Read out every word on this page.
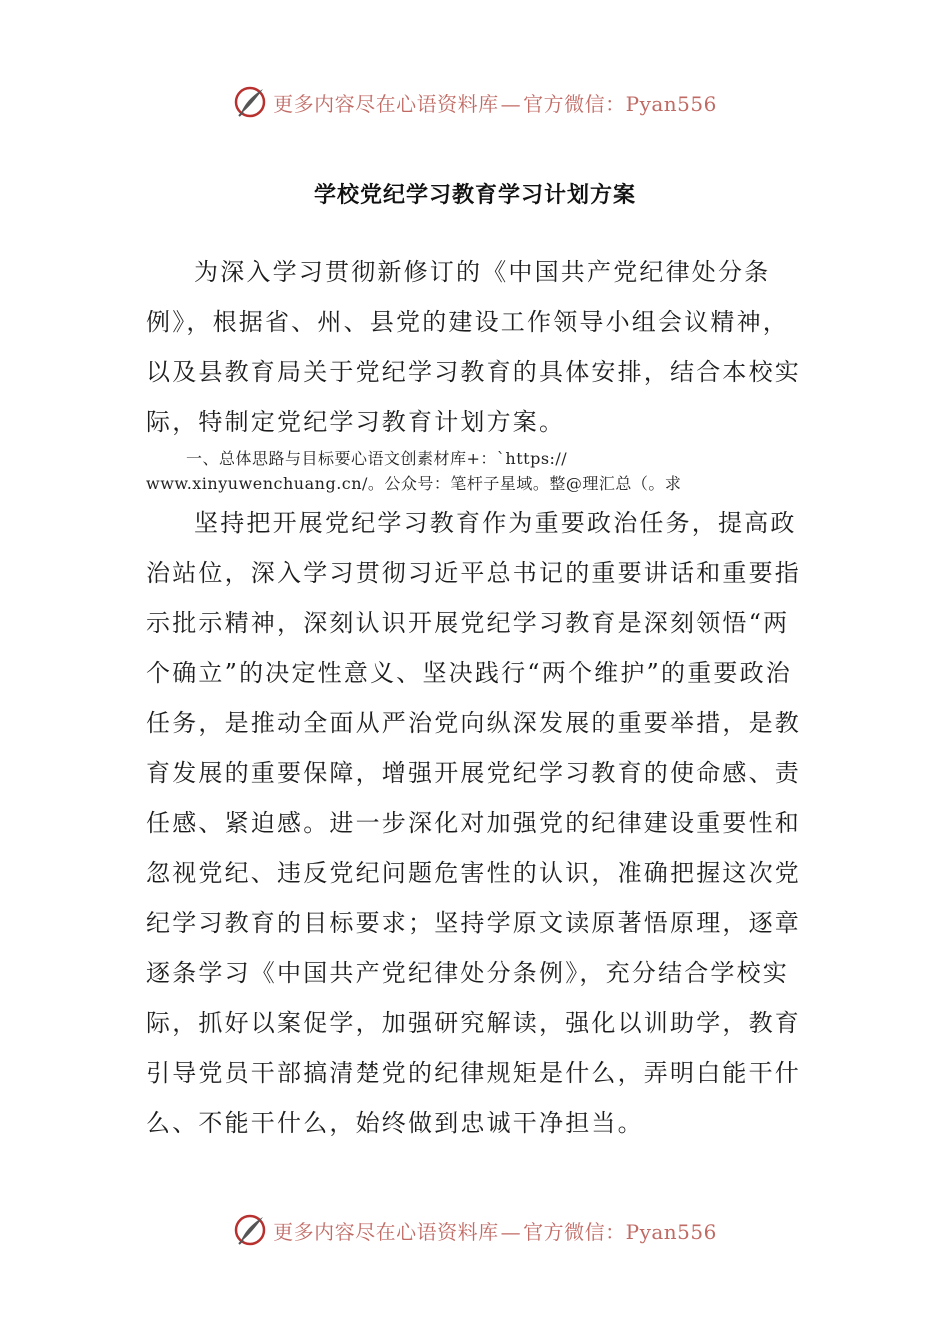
更多内容尽在心语资料库 — 官方微信：Pyan556
学校党纪学习教育学习计划方案
为深入学习贯彻新修订的《中国共产党纪律处分条例》，根据省、州、县党的建设工作领导小组会议精神，以及县教育局关于党纪学习教育的具体安排，结合本校实际，特制定党纪学习教育计划方案。
一、总体思路与目标要心语文创素材库+：`https://
www.xinyuwenchuang.cn/。公众号：笔杆子星域。整@理汇总（。求
坚持把开展党纪学习教育作为重要政治任务，提高政治站位，深入学习贯彻习近平总书记的重要讲话和重要指示批示精神，深刻认识开展党纪学习教育是深刻领悟“两个确立”的决定性意义、坚决践行“两个维护”的重要政治任务，是推动全面从严治党向纵深发展的重要举措，是教育发展的重要保障，增强开展党纪学习教育的使命感、责任感、紧迫感。进一步深化对加强党的纪律建设重要性和忽视党纪、违反党纪问题危害性的认识，准确把握这次党纪学习教育的目标要求；坚持学原文读原著悟原理，逐章逐条学习《中国共产党纪律处分条例》，充分结合学校实际，抓好以案促学，加强研究解读，强化以训助学，教育引导党员干部搞清楚党的纪律规矩是什么，弄明白能干什么、不能干什么，始终做到忠诚干净担当。
更多内容尽在心语资料库 — 官方微信：Pyan556
